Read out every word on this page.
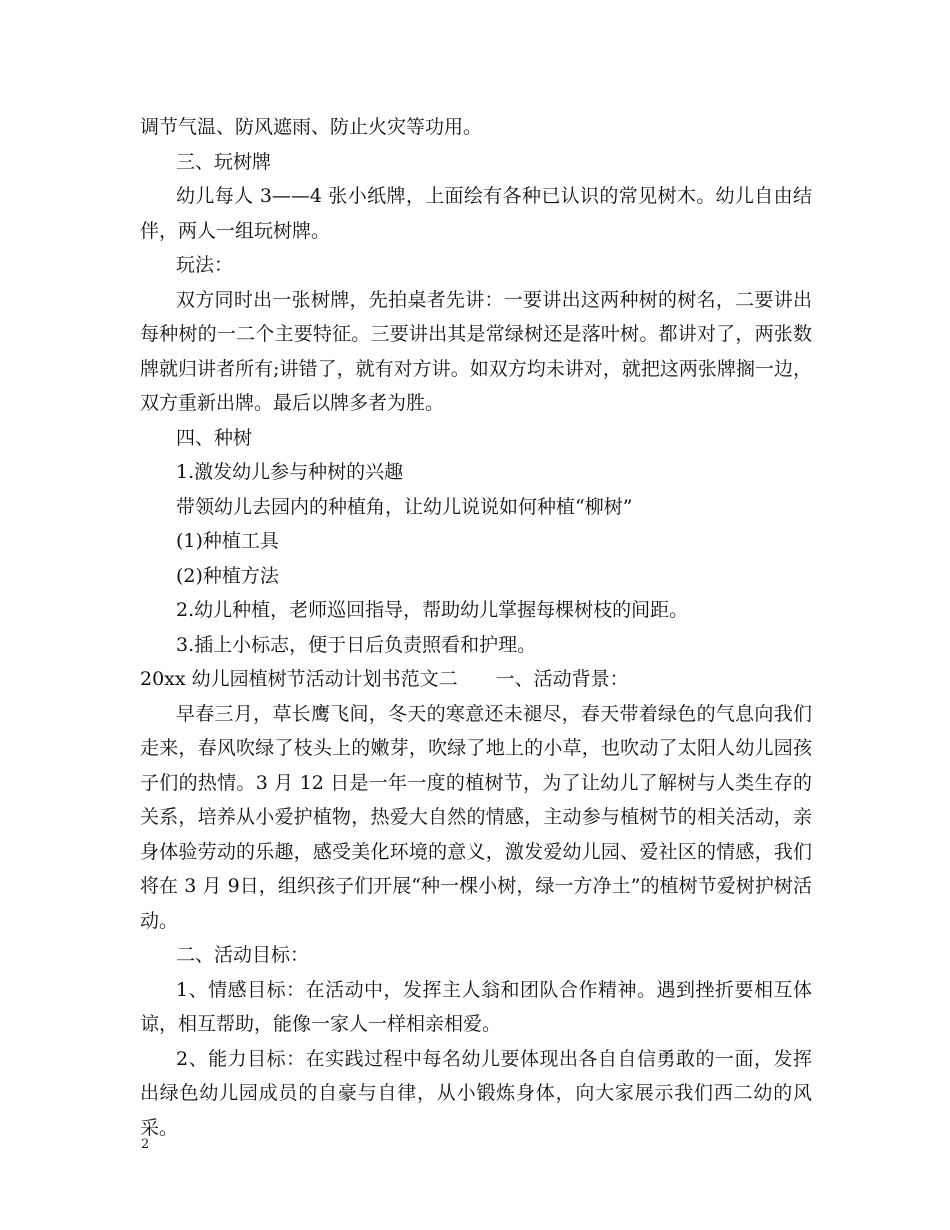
调节气温、防风遮雨、防止火灾等功用。

三、玩树牌

幼儿每人 3——4 张小纸牌，上面绘有各种已认识的常见树木。幼儿自由结伴，两人一组玩树牌。

玩法：

双方同时出一张树牌，先拍桌者先讲：一要讲出这两种树的树名，二要讲出每种树的一二个主要特征。三要讲出其是常绿树还是落叶树。都讲对了，两张数牌就归讲者所有;讲错了，就有对方讲。如双方均未讲对，就把这两张牌搁一边，双方重新出牌。最后以牌多者为胜。

四、种树

1.激发幼儿参与种树的兴趣

带领幼儿去园内的种植角，让幼儿说说如何种植“柳树”

(1)种植工具

(2)种植方法

2.幼儿种植，老师巡回指导，帮助幼儿掌握每棵树枝的间距。

3.插上小标志，便于日后负责照看和护理。

20xx 幼儿园植树节活动计划书范文二 一、活动背景：

早春三月，草长鹰飞间，冬天的寒意还未褪尽，春天带着绿色的气息向我们走来，春风吹绿了枝头上的嫩芽，吹绿了地上的小草，也吹动了太阳人幼儿园孩子们的热情。3 月 12 日是一年一度的植树节，为了让幼儿了解树与人类生存的关系，培养从小爱护植物，热爱大自然的情感，主动参与植树节的相关活动，亲身体验劳动的乐趣，感受美化环境的意义，激发爱幼儿园、爱社区的情感，我们将在 3 月 9日，组织孩子们开展“种一棵小树，绿一方净土”的植树节爱树护树活动。

二、活动目标：

1、情感目标：在活动中，发挥主人翁和团队合作精神。遇到挫折要相互体谅，相互帮助，能像一家人一样相亲相爱。

2、能力目标：在实践过程中每名幼儿要体现出各自自信勇敢的一面，发挥出绿色幼儿园成员的自豪与自律，从小锻炼身体，向大家展示我们西二幼的风采。

2
